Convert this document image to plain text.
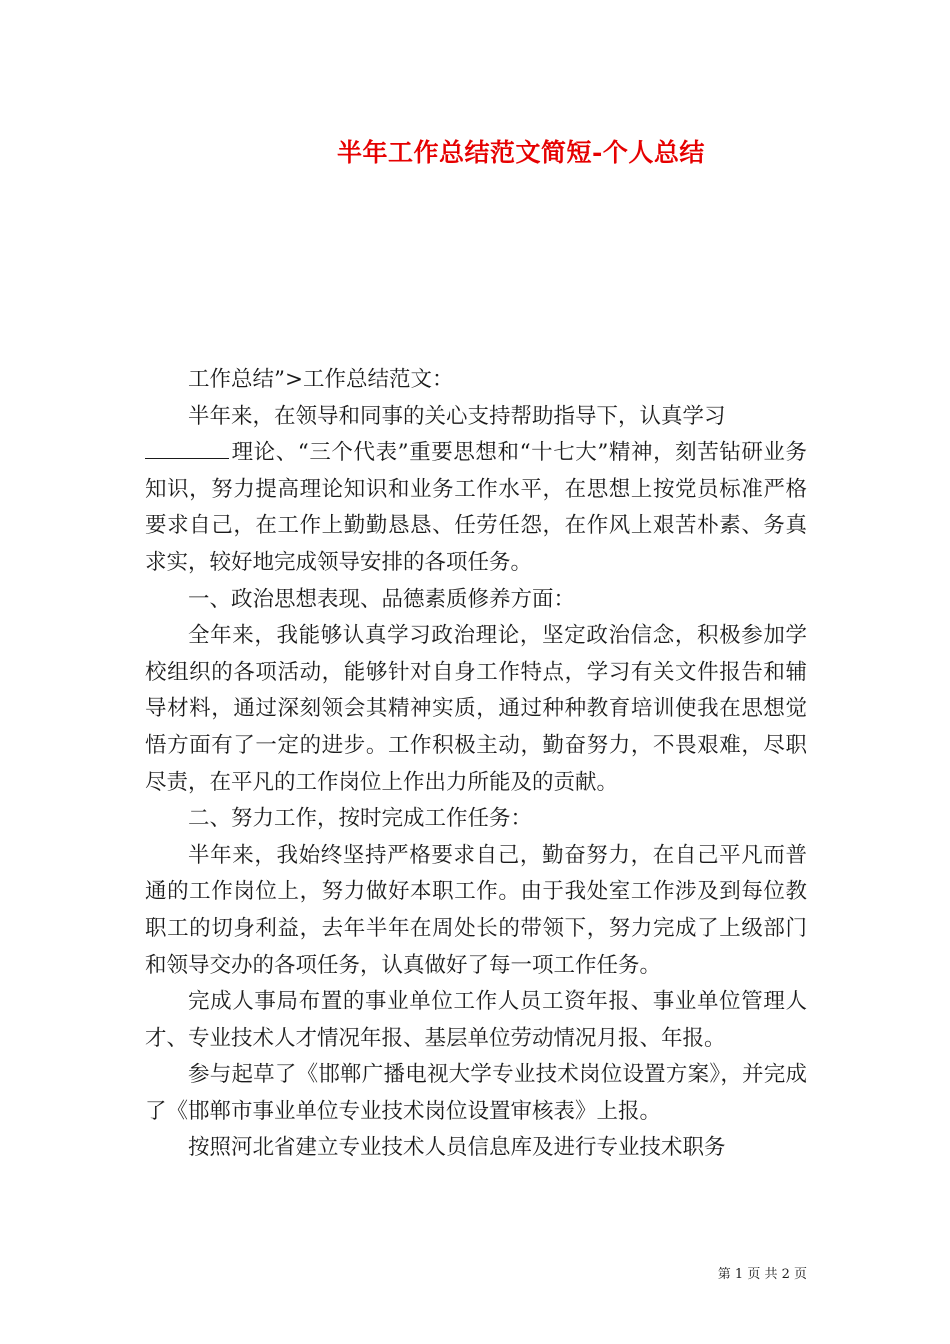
半年工作总结范文简短-个人总结

工作总结”>工作总结范文：

半年来，在领导和同事的关心支持帮助指导下，认真学习

理论、“三个代表”重要思想和“十七大”精神，刻苦钻研业务知识，努力提高理论知识和业务工作水平，在思想上按党员标准严格要求自己，在工作上勤勤恳恳、任劳任怨，在作风上艰苦朴素、务真求实，较好地完成领导安排的各项任务。

一、政治思想表现、品德素质修养方面：

全年来，我能够认真学习政治理论，坚定政治信念，积极参加学校组织的各项活动，能够针对自身工作特点，学习有关文件报告和辅导材料，通过深刻领会其精神实质，通过种种教育培训使我在思想觉悟方面有了一定的进步。工作积极主动，勤奋努力，不畏艰难，尽职尽责，在平凡的工作岗位上作出力所能及的贡献。

二、努力工作，按时完成工作任务：

半年来，我始终坚持严格要求自己，勤奋努力，在自己平凡而普通的工作岗位上，努力做好本职工作。由于我处室工作涉及到每位教职工的切身利益，去年半年在周处长的带领下，努力完成了上级部门和领导交办的各项任务，认真做好了每一项工作任务。

完成人事局布置的事业单位工作人员工资年报、事业单位管理人才、专业技术人才情况年报、基层单位劳动情况月报、年报。

参与起草了《邯郸广播电视大学专业技术岗位设置方案》，并完成了《邯郸市事业单位专业技术岗位设置审核表》上报。

按照河北省建立专业技术人员信息库及进行专业技术职务

第 1 页 共 2 页
